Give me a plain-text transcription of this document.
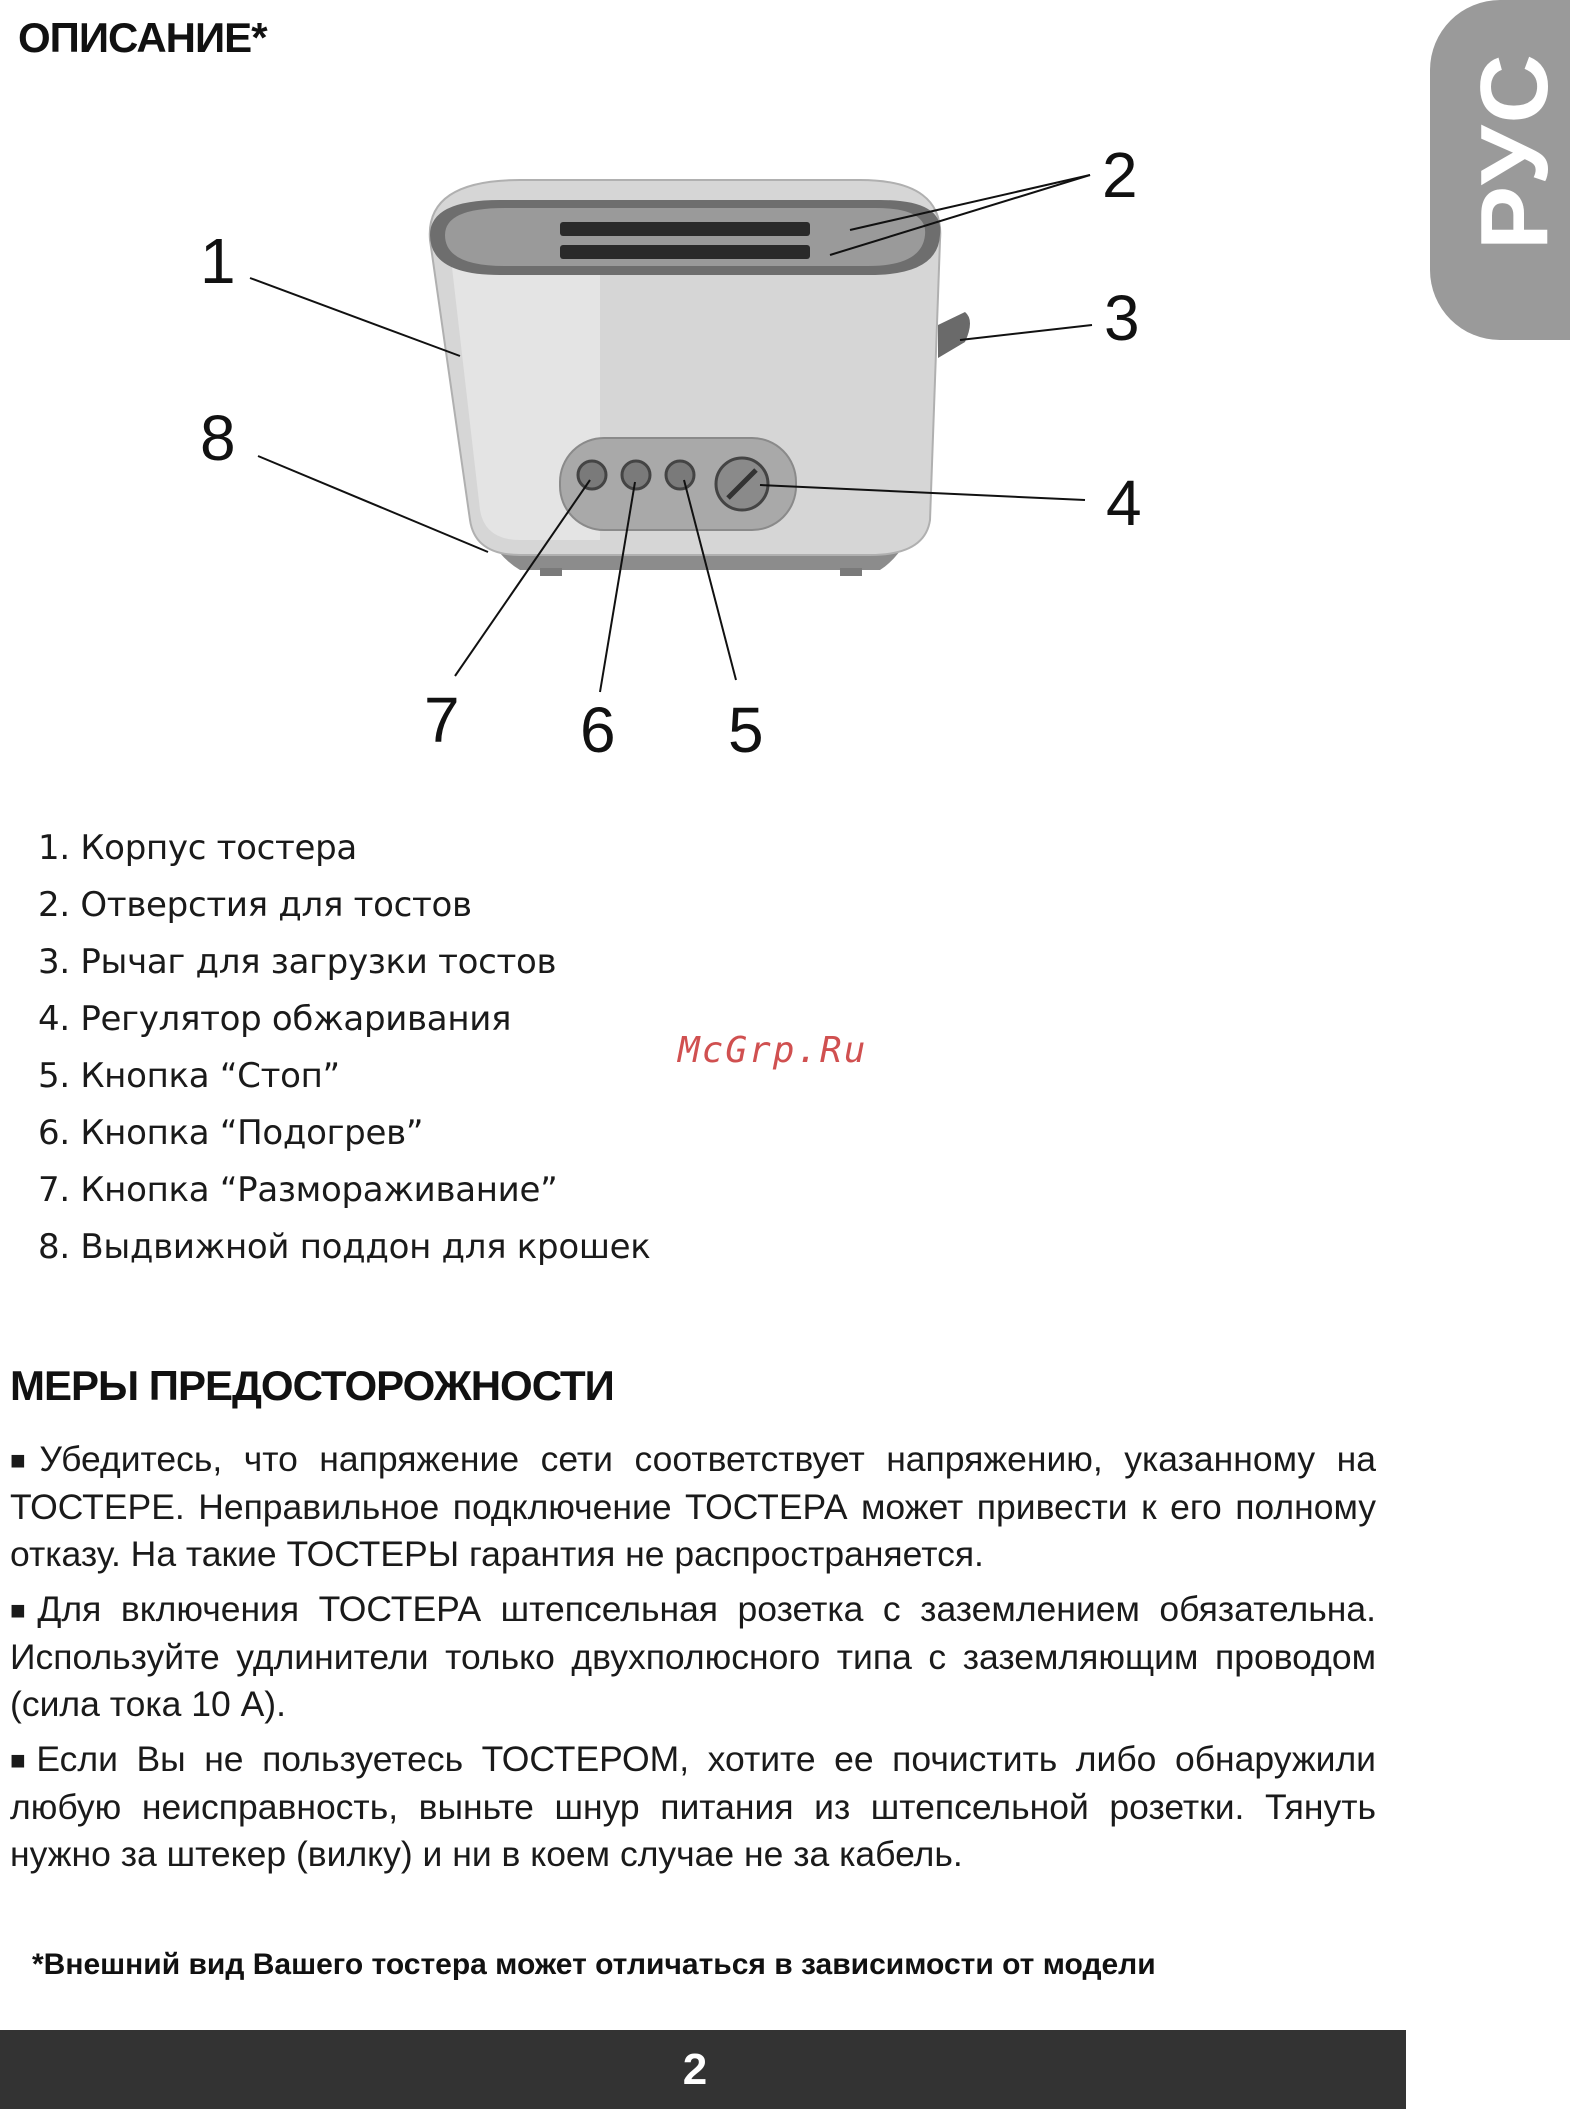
ОПИСАНИЕ*
РУС
1
2
3
4
5
6
7
8
1. Корпус тостера
2. Отверстия для тостов
3. Рычаг для загрузки тостов
4. Регулятор обжаривания
5. Кнопка “Стоп”
6. Кнопка “Подогрев”
7. Кнопка “Размораживание”
8. Выдвижной поддон для крошек
McGrp.Ru
МЕРЫ ПРЕДОСТОРОЖНОСТИ
■Убедитесь, что напряжение сети соответствует напряжению, указанному на ТОСТЕРЕ. Неправильное подключение ТОСТЕРА может привести к его полному отказу. На такие ТОСТЕРЫ гарантия не распространяется.
■Для включения ТОСТЕРА штепсельная розетка с заземлением обязательна. Используйте удлинители только двухполюсного типа с заземляющим проводом (сила тока 10 А).
■Если Вы не пользуетесь ТОСТЕРОМ, хотите ее почистить либо обнаружили любую неисправность, выньте шнур питания из штепсельной розетки. Тянуть нужно за штекер (вилку) и ни в коем случае не за кабель.
*Внешний вид Вашего тостера может отличаться в зависимости от модели
2
